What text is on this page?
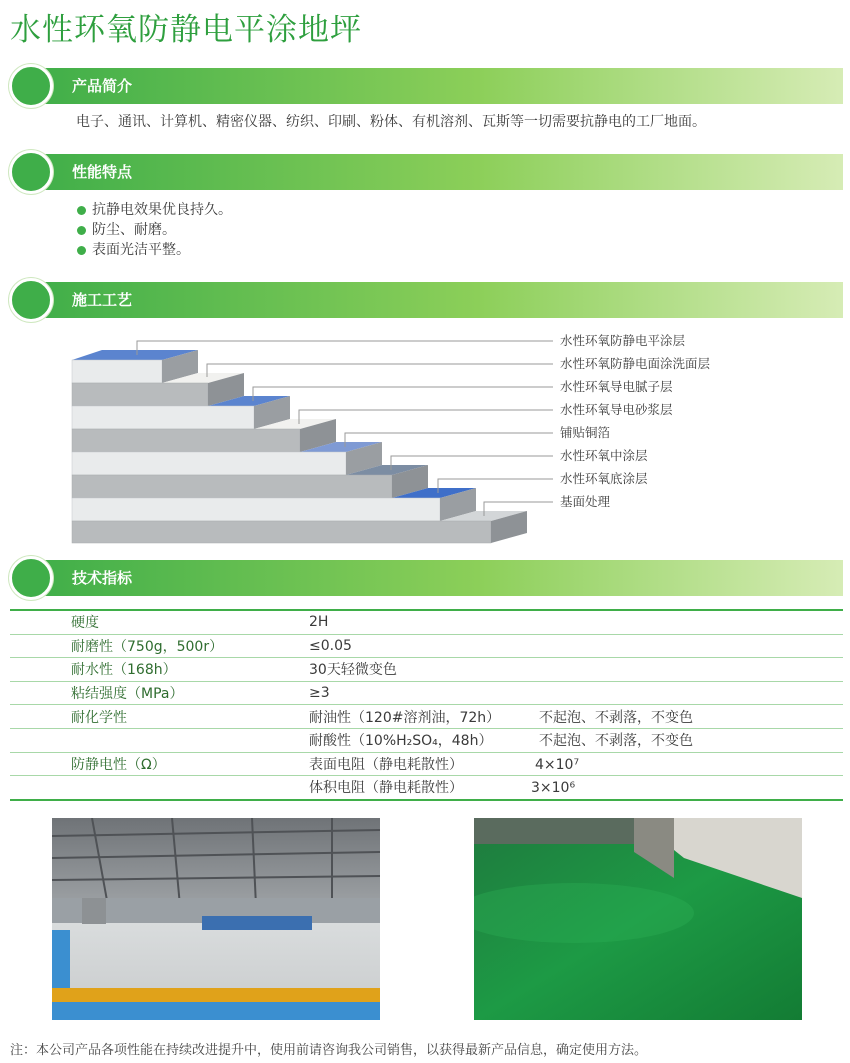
水性环氧防静电平涂地坪
产品简介
电子、通讯、计算机、精密仪器、纺织、印刷、粉体、有机溶剂、瓦斯等一切需要抗静电的工厂地面。
性能特点
抗静电效果优良持久。
防尘、耐磨。
表面光洁平整。
施工工艺
水性环氧防静电平涂层
水性环氧防静电面涂洗面层
水性环氧导电腻子层
水性环氧导电砂浆层
铺贴铜箔
水性环氧中涂层
水性环氧底涂层
基面处理
技术指标
硬度	2H
耐磨性（750g，500r）	≤0.05
耐水性（168h）	30天轻微变色
粘结强度（MPa）	≥3
耐化学性	耐油性（120#溶剂油，72h） 不起泡、不剥落，不变色
	耐酸性（10%H₂SO₄，48h） 不起泡、不剥落，不变色
防静电性（Ω）	表面电阻（静电耗散性） 4×10⁷
	体积电阻（静电耗散性） 3×10⁶
注：本公司产品各项性能在持续改进提升中，使用前请咨询我公司销售，以获得最新产品信息，确定使用方法。
